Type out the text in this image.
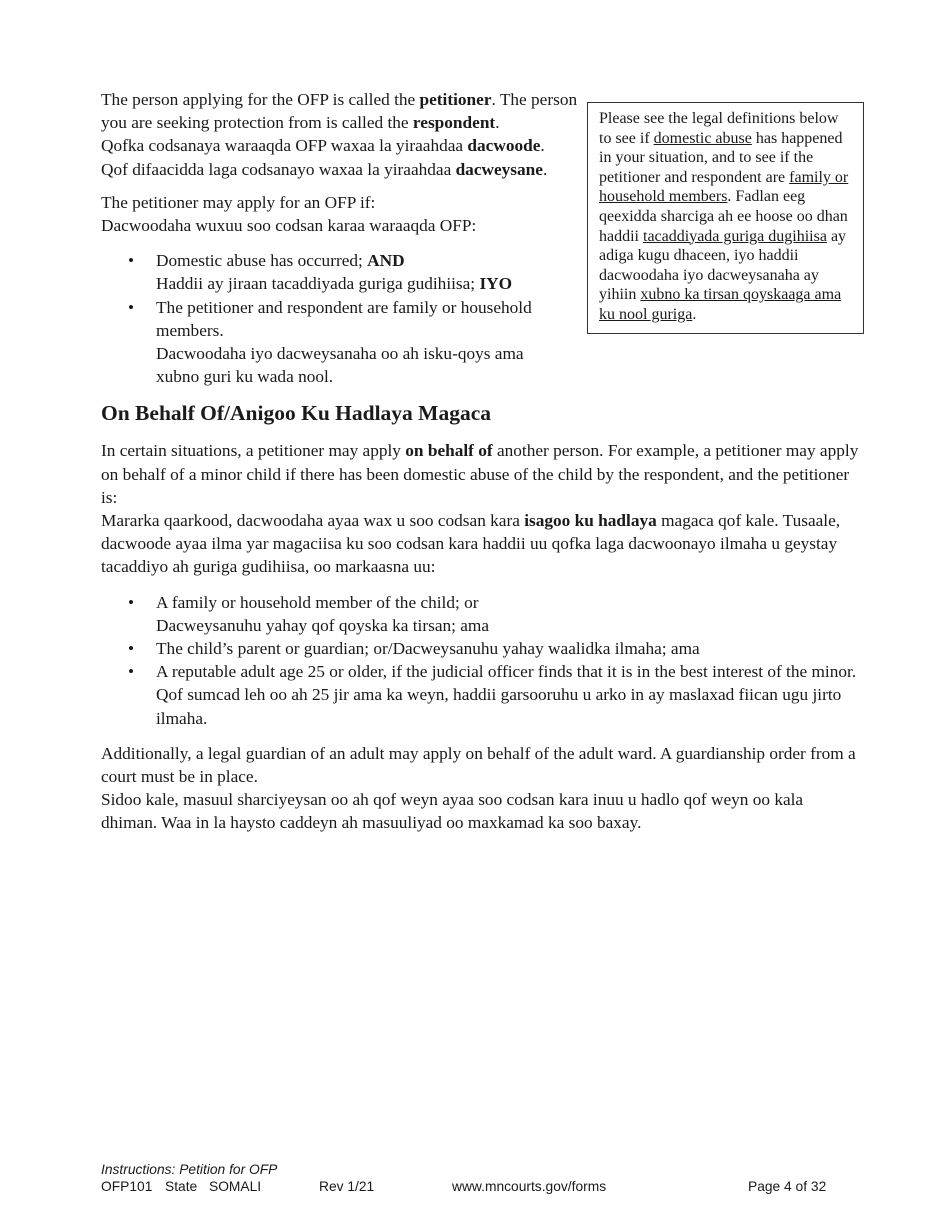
The person applying for the OFP is called the petitioner. The person you are seeking protection from is called the respondent.
Qofka codsanaya waraaqda OFP waxaa la yiraahdaa dacwoode.
Qof difaacidda laga codsanayo waxaa la yiraahdaa dacweysane.

The petitioner may apply for an OFP if:
Dacwoodaha wuxuu soo codsan karaa waraaqda OFP:

• Domestic abuse has occurred; AND
Haddii ay jiraan tacaddiyada guriga gudihiisa; IYO
• The petitioner and respondent are family or household members.
Dacwoodaha iyo dacweysanaha oo ah isku-qoys ama xubno guri ku wada nool.
Please see the legal definitions below to see if domestic abuse has happened in your situation, and to see if the petitioner and respondent are family or household members. Fadlan eeg qeexidda sharciga ah ee hoose oo dhan haddii tacaddiyada guriga dugihiisa ay adiga kugu dhaceen, iyo haddii dacwoodaha iyo dacweysanaha ay yihiin xubno ka tirsan qoyskaaga ama ku nool guriga.
On Behalf Of/Anigoo Ku Hadlaya Magaca

In certain situations, a petitioner may apply on behalf of another person. For example, a petitioner may apply on behalf of a minor child if there has been domestic abuse of the child by the respondent, and the petitioner is:

Mararka qaarkood, dacwoodaha ayaa wax u soo codsan kara isagoo ku hadlaya magaca qof kale. Tusaale, dacwoode ayaa ilma yar magaciisa ku soo codsan kara haddii uu qofka laga dacwoonayo ilmaha u geystay tacaddiyo ah guriga gudihiisa, oo markaasna uu:

• A family or household member of the child; or
Dacweysanuhu yahay qof qoyska ka tirsan; ama
• The child’s parent or guardian; or/Dacweysanuhu yahay waalidka ilmaha; ama
• A reputable adult age 25 or older, if the judicial officer finds that it is in the best interest of the minor.
Qof sumcad leh oo ah 25 jir ama ka weyn, haddii garsooruhu u arko in ay maslaxad fiican ugu jirto ilmaha.

Additionally, a legal guardian of an adult may apply on behalf of the adult ward. A guardianship order from a court must be in place.

Sidoo kale, masuul sharciyeysan oo ah qof weyn ayaa soo codsan kara inuu u hadlo qof weyn oo kala dhiman. Waa in la haysto caddeyn ah masuuliyad oo maxkamad ka soo baxay.

Instructions: Petition for OFP
OFP101 State SOMALI	Rev 1/21	www.mncourts.gov/forms	Page 4 of 32
